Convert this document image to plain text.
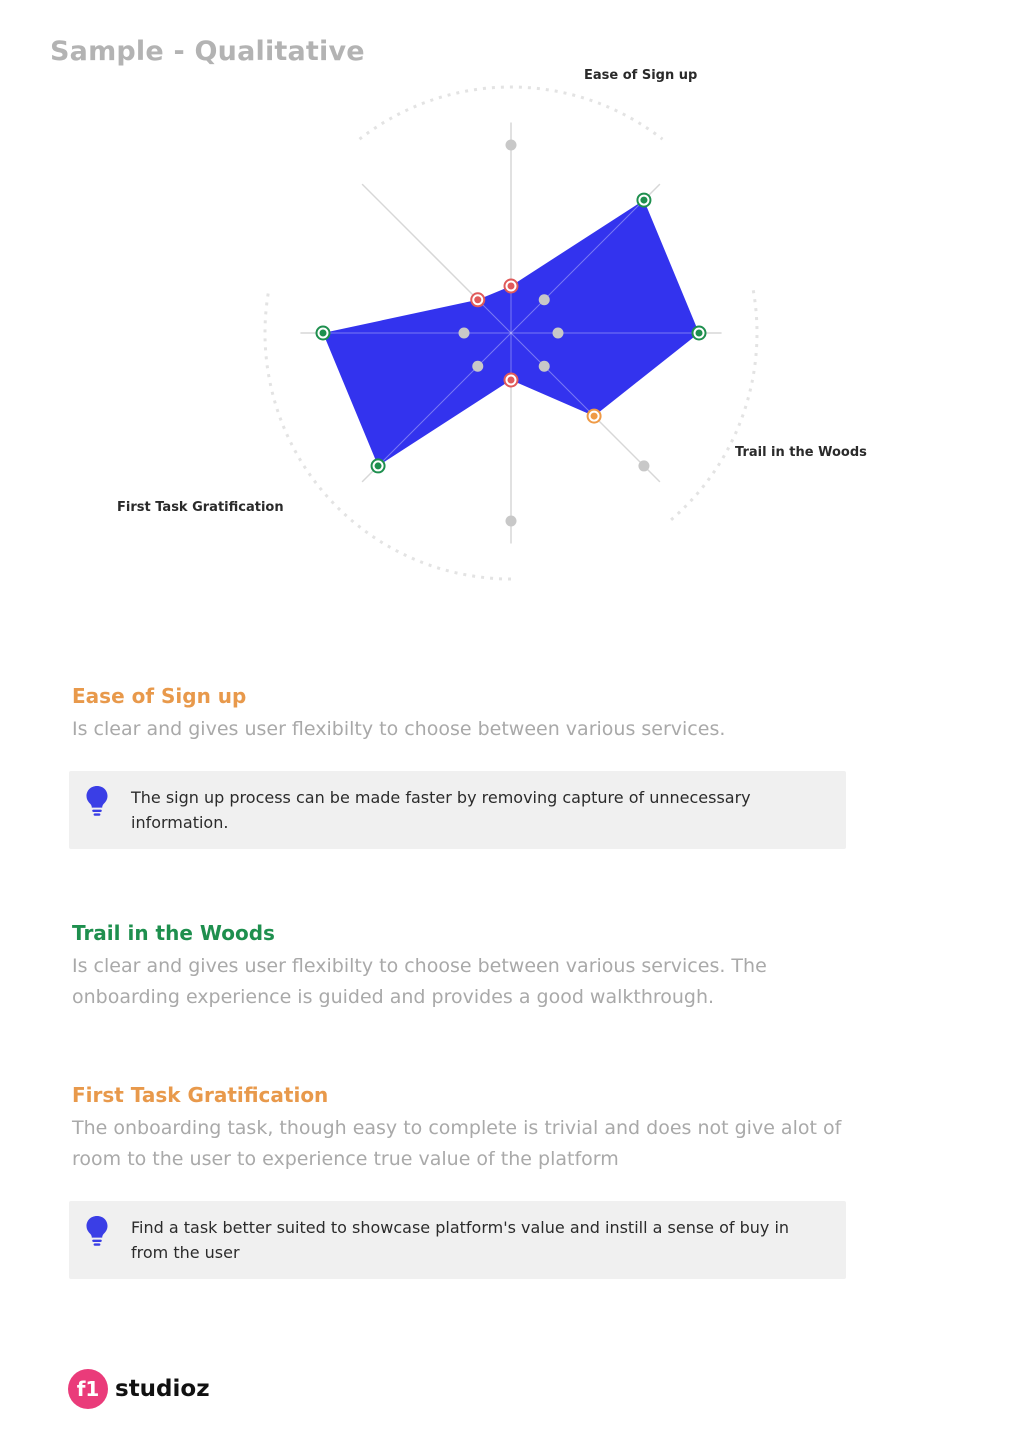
Sample - Qualitative
Ease of Sign up
Trail in the Woods
First Task Gratification
Ease of Sign up

Is clear and gives user flexibilty to choose between various services.

The sign up process can be made faster by removing capture of unnecessary information.
Trail in the Woods

Is clear and gives user flexibilty to choose between various services. The onboarding experience is guided and provides a good walkthrough.

First Task Gratification

The onboarding task, though easy to complete is trivial and does not give alot of room to the user to experience true value of the platform

Find a task better suited to showcase platform's value and instill a sense of buy in from the user
f1 studioz
